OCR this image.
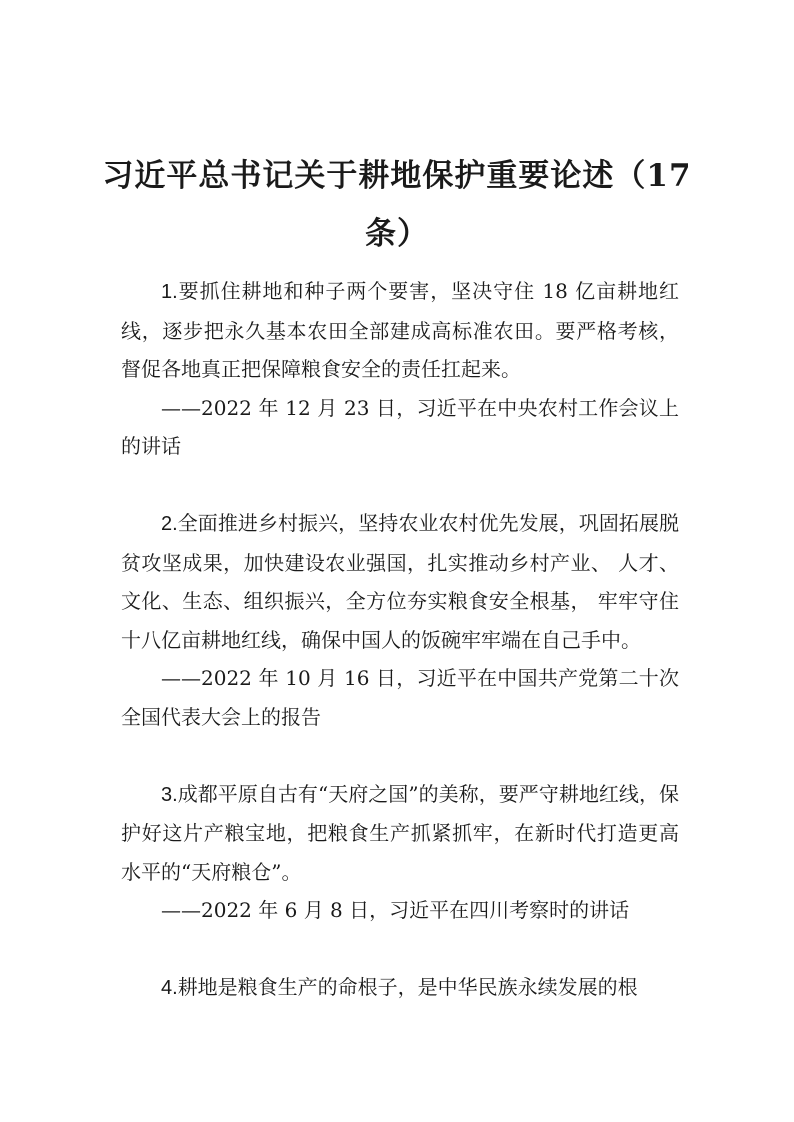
习近平总书记关于耕地保护重要论述（17条）

1.要抓住耕地和种子两个要害，坚决守住 18 亿亩耕地红线，逐步把永久基本农田全部建成高标准农田。要严格考核，督促各地真正把保障粮食安全的责任扛起来。

——2022 年 12 月 23 日，习近平在中央农村工作会议上的讲话

2.全面推进乡村振兴，坚持农业农村优先发展，巩固拓展脱贫攻坚成果，加快建设农业强国，扎实推动乡村产业、 人才、文化、生态、组织振兴，全方位夯实粮食安全根基， 牢牢守住十八亿亩耕地红线，确保中国人的饭碗牢牢端在自己手中。

——2022 年 10 月 16 日，习近平在中国共产党第二十次全国代表大会上的报告

3.成都平原自古有“天府之国”的美称，要严守耕地红线，保护好这片产粮宝地，把粮食生产抓紧抓牢，在新时代打造更高水平的“天府粮仓”。

——2022 年 6 月 8 日，习近平在四川考察时的讲话

4.耕地是粮食生产的命根子，是中华民族永续发展的根
